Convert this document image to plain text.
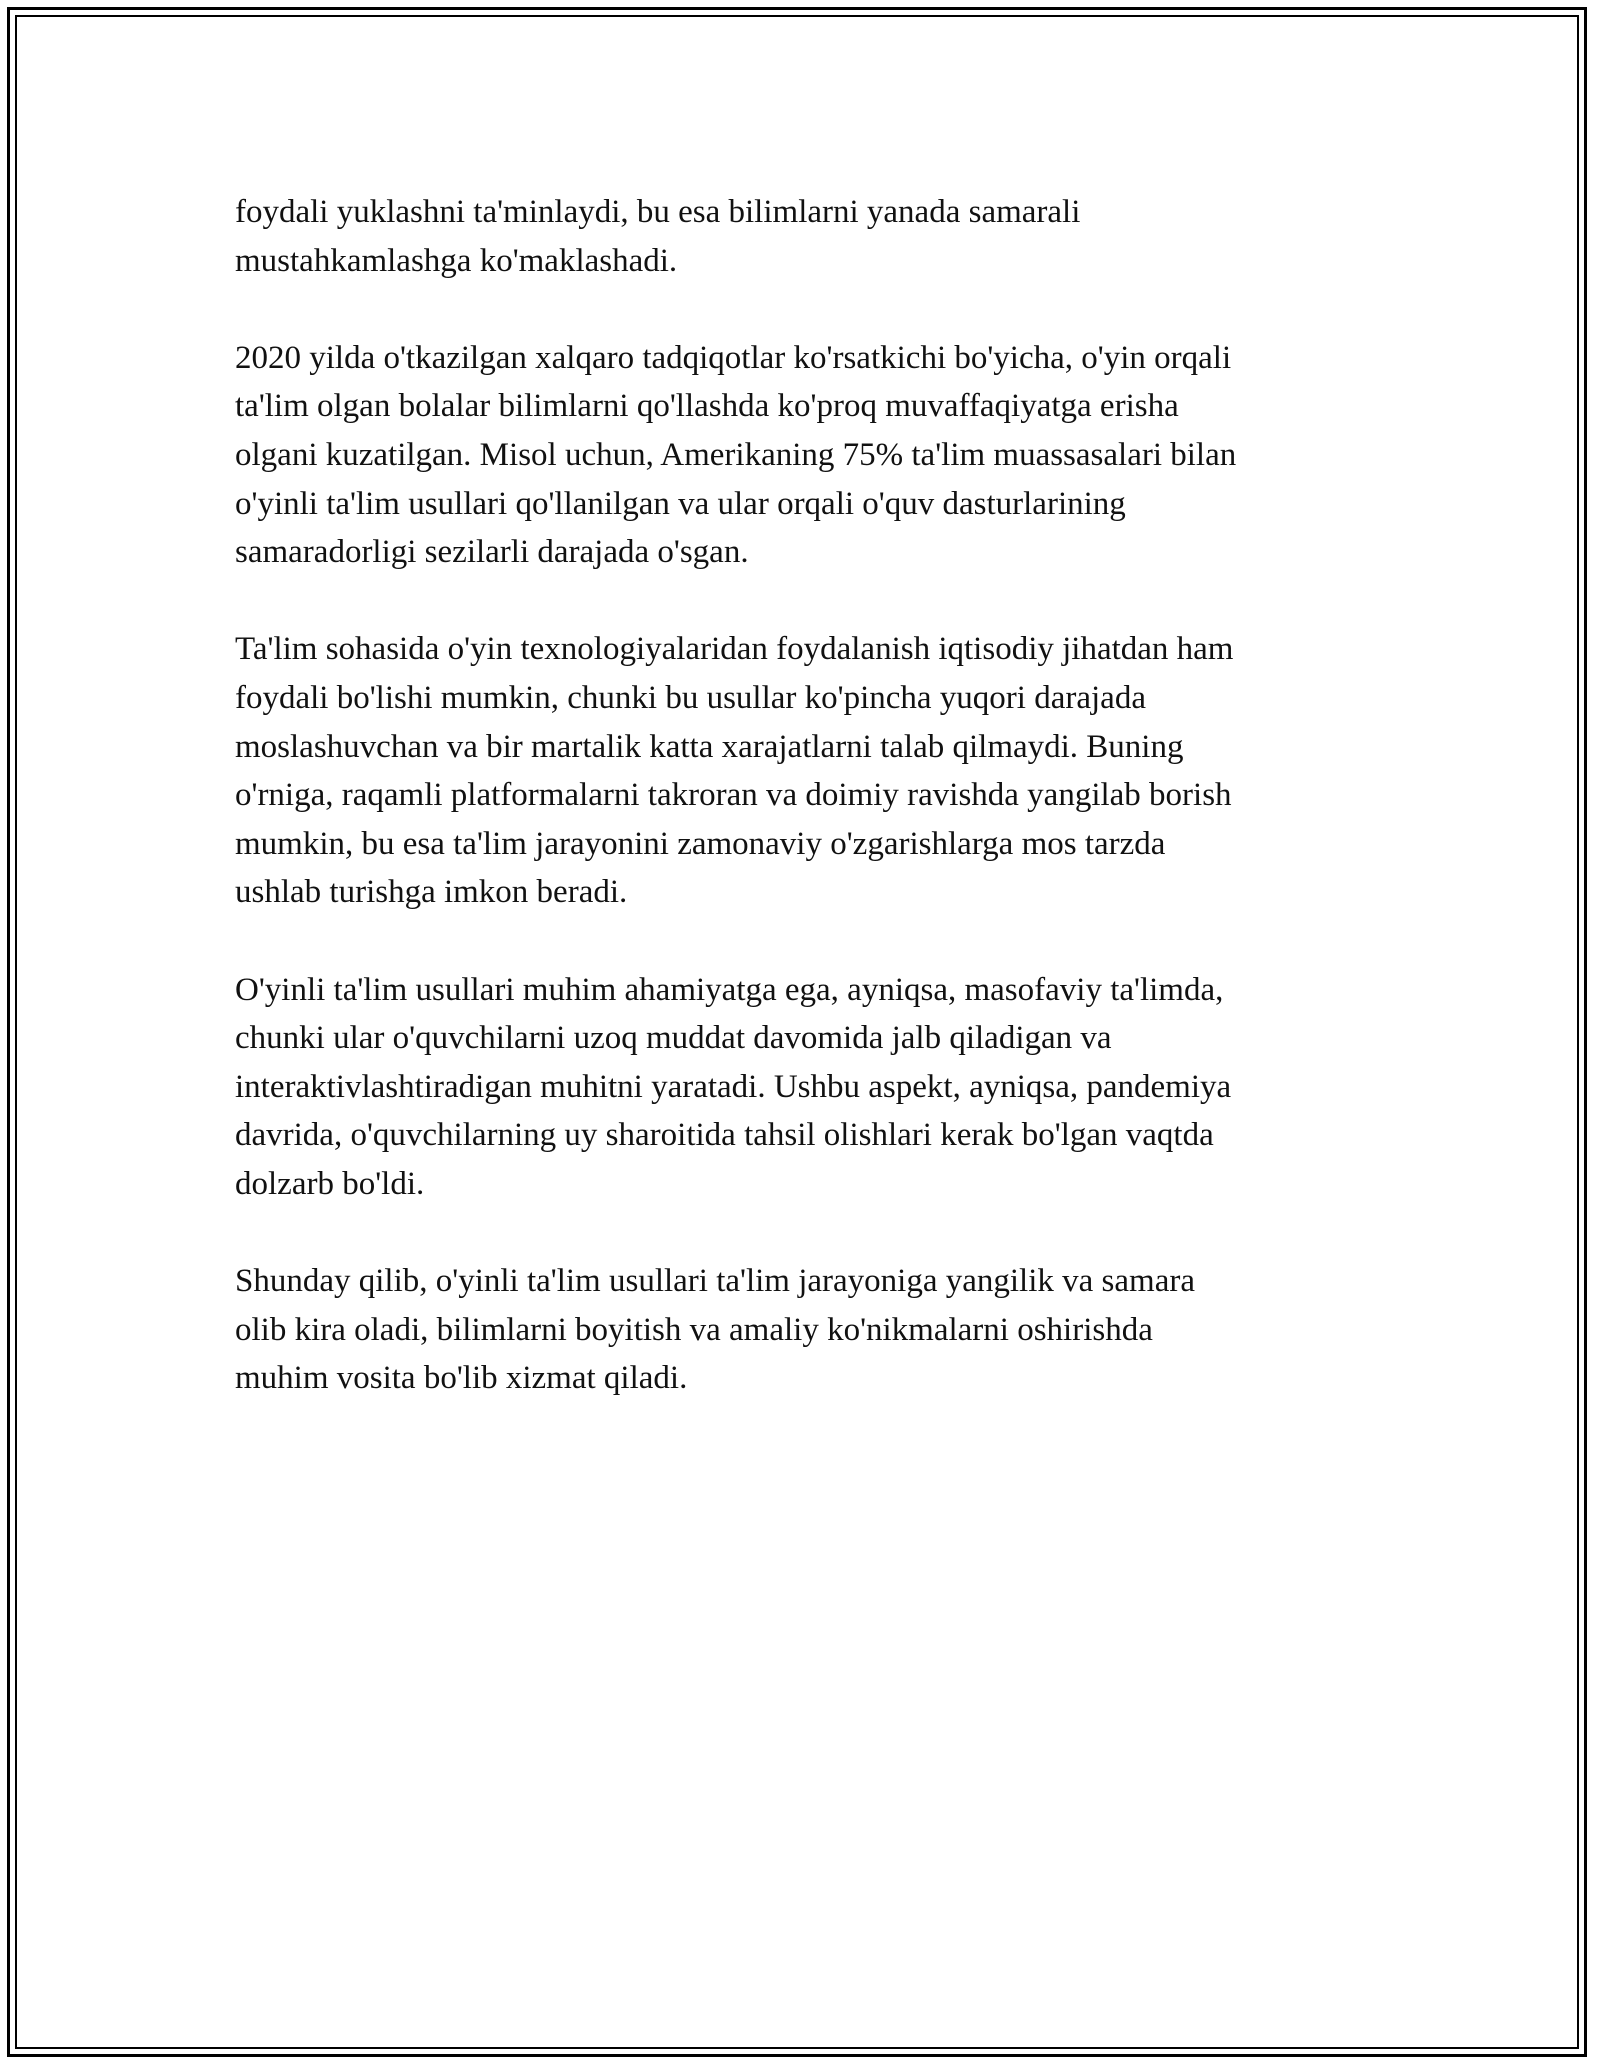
foydali yuklashni ta'minlaydi, bu esa bilimlarni yanada samarali
mustahkamlashga ko'maklashadi.

2020 yilda o'tkazilgan xalqaro tadqiqotlar ko'rsatkichi bo'yicha, o'yin orqali
ta'lim olgan bolalar bilimlarni qo'llashda ko'proq muvaffaqiyatga erisha
olgani kuzatilgan. Misol uchun, Amerikaning 75% ta'lim muassasalari bilan
o'yinli ta'lim usullari qo'llanilgan va ular orqali o'quv dasturlarining
samaradorligi sezilarli darajada o'sgan.

Ta'lim sohasida o'yin texnologiyalaridan foydalanish iqtisodiy jihatdan ham
foydali bo'lishi mumkin, chunki bu usullar ko'pincha yuqori darajada
moslashuvchan va bir martalik katta xarajatlarni talab qilmaydi. Buning
o'rniga, raqamli platformalarni takroran va doimiy ravishda yangilab borish
mumkin, bu esa ta'lim jarayonini zamonaviy o'zgarishlarga mos tarzda
ushlab turishga imkon beradi.

O'yinli ta'lim usullari muhim ahamiyatga ega, ayniqsa, masofaviy ta'limda,
chunki ular o'quvchilarni uzoq muddat davomida jalb qiladigan va
interaktivlashtiradigan muhitni yaratadi. Ushbu aspekt, ayniqsa, pandemiya
davrida, o'quvchilarning uy sharoitida tahsil olishlari kerak bo'lgan vaqtda
dolzarb bo'ldi.

Shunday qilib, o'yinli ta'lim usullari ta'lim jarayoniga yangilik va samara
olib kira oladi, bilimlarni boyitish va amaliy ko'nikmalarni oshirishda
muhim vosita bo'lib xizmat qiladi.
